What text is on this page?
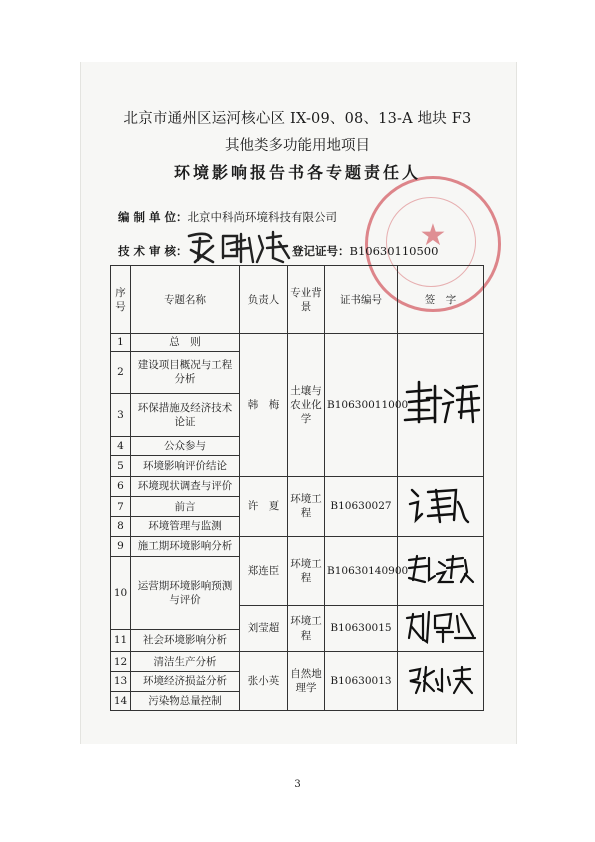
★
北京市通州区运河核心区 IX-09、08、13-A 地块 F3
其他类多功能用地项目
环境影响报告书各专题责任人
编 制 单 位：北京中科尚环境科技有限公司
技 术 审 核：	登记证号：B10630110500
序号	专题名称	负责人	专业背景	证书编号	签　字
1	总　则	韩　梅	土壤与农业化学	B10630011000	
2	建设项目概况与工程分析				
3	环保措施及经济技术论证				
4	公众参与				
5	环境影响评价结论				
6	环境现状调查与评价	许　夏	环境工程	B10630027	
7	前言				
8	环境管理与监测				
9	施工期环境影响分析	郑连臣	环境工程	B10630140900	
10	运营期环境影响预测与评价				
		刘莹超	环境工程	B10630015	
11	社会环境影响分析				
12	清洁生产分析	张小英	自然地理学	B10630013	
13	环境经济损益分析				
14	污染物总量控制				
3
